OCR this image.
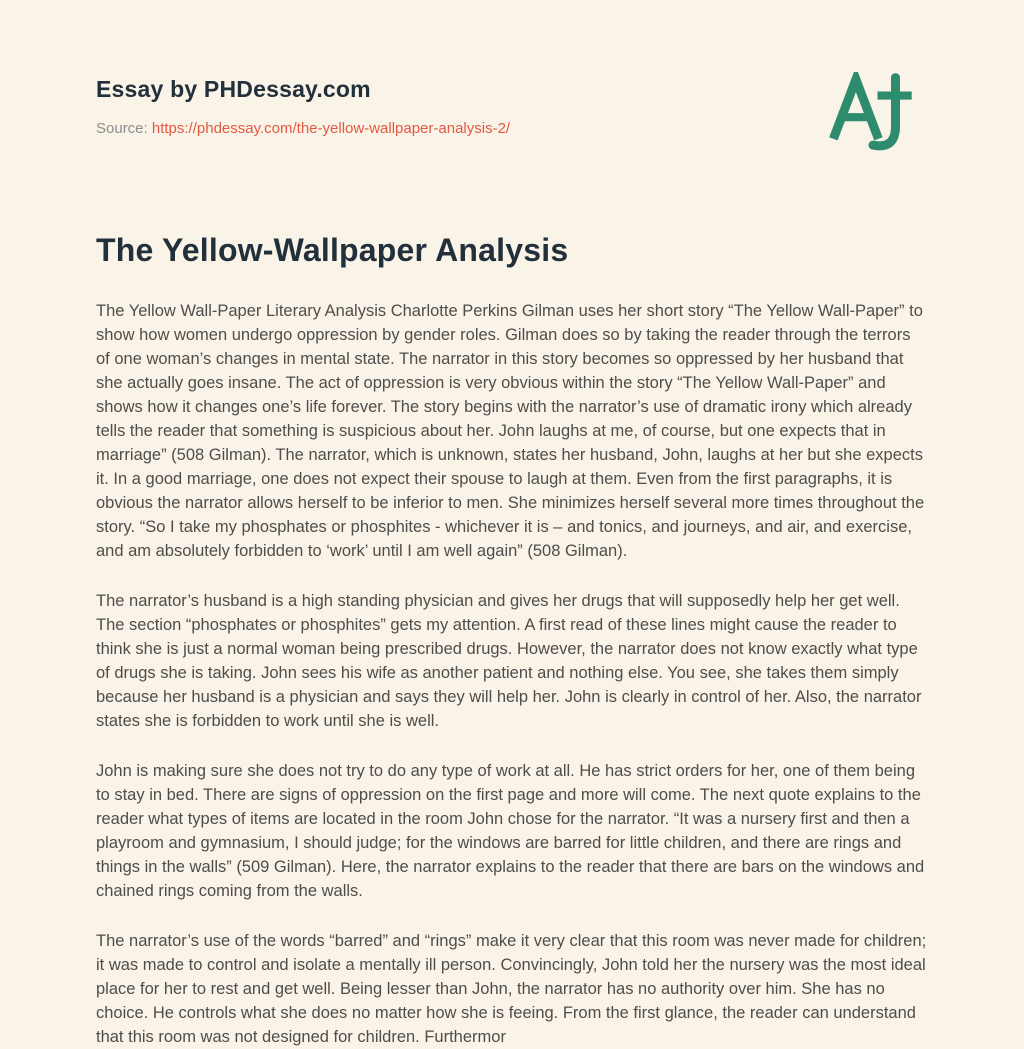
Essay by PHDessay.com
Source: https://phdessay.com/the-yellow-wallpaper-analysis-2/
The Yellow-Wallpaper Analysis

The Yellow Wall-Paper Literary Analysis Charlotte Perkins Gilman uses her short story “The Yellow Wall-Paper” to show how women undergo oppression by gender roles. Gilman does so by taking the reader through the terrors of one woman’s changes in mental state. The narrator in this story becomes so oppressed by her husband that she actually goes insane. The act of oppression is very obvious within the story “The Yellow Wall-Paper” and shows how it changes one’s life forever. The story begins with the narrator’s use of dramatic irony which already tells the reader that something is suspicious about her. John laughs at me, of course, but one expects that in marriage” (508 Gilman). The narrator, which is unknown, states her husband, John, laughs at her but she expects it. In a good marriage, one does not expect their spouse to laugh at them. Even from the first paragraphs, it is obvious the narrator allows herself to be inferior to men. She minimizes herself several more times throughout the story. “So I take my phosphates or phosphites - whichever it is – and tonics, and journeys, and air, and exercise, and am absolutely forbidden to ‘work’ until I am well again” (508 Gilman).

The narrator’s husband is a high standing physician and gives her drugs that will supposedly help her get well. The section “phosphates or phosphites” gets my attention. A first read of these lines might cause the reader to think she is just a normal woman being prescribed drugs. However, the narrator does not know exactly what type of drugs she is taking. John sees his wife as another patient and nothing else. You see, she takes them simply because her husband is a physician and says they will help her. John is clearly in control of her. Also, the narrator states she is forbidden to work until she is well.

John is making sure she does not try to do any type of work at all. He has strict orders for her, one of them being to stay in bed. There are signs of oppression on the first page and more will come. The next quote explains to the reader what types of items are located in the room John chose for the narrator. “It was a nursery first and then a playroom and gymnasium, I should judge; for the windows are barred for little children, and there are rings and things in the walls” (509 Gilman). Here, the narrator explains to the reader that there are bars on the windows and chained rings coming from the walls.

The narrator’s use of the words “barred” and “rings” make it very clear that this room was never made for children; it was made to control and isolate a mentally ill person. Convincingly, John told her the nursery was the most ideal place for her to rest and get well. Being lesser than John, the narrator has no authority over him. She has no choice. He controls what she does no matter how she is feeing. From the first glance, the reader can understand that this room was not designed for children. Furthermor
